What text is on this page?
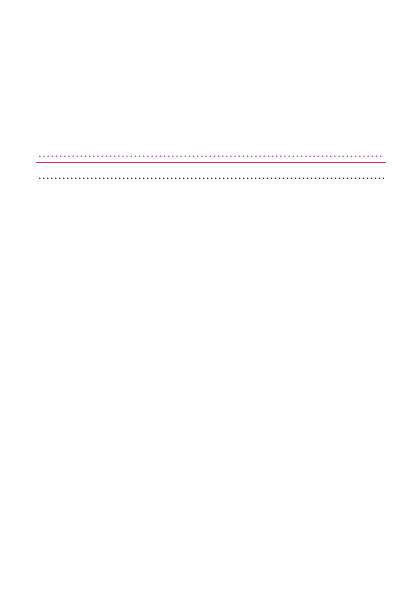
.....
.....
